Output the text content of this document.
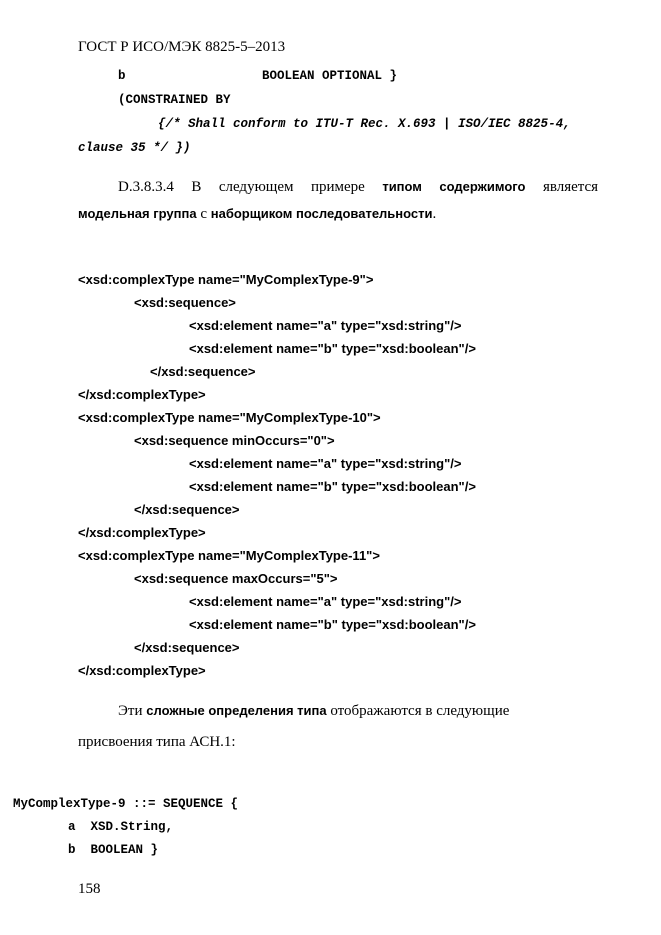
ГОСТ Р ИСО/МЭК 8825-5–2013
b	BOOLEAN OPTIONAL }
(CONSTRAINED BY
{/* Shall conform to ITU-T Rec. X.693 | ISO/IEC 8825-4,
clause 35 */ })
D.3.8.3.4 В следующем примере типом содержимого является
модельная группа с наборщиком последовательности.
<xsd:complexType name="MyComplexType-9">
<xsd:sequence>
<xsd:element name="a" type="xsd:string"/>
<xsd:element name="b" type="xsd:boolean"/>
</xsd:sequence>
</xsd:complexType>
<xsd:complexType name="MyComplexType-10">
<xsd:sequence minOccurs="0">
<xsd:element name="a" type="xsd:string"/>
<xsd:element name="b" type="xsd:boolean"/>
</xsd:sequence>
</xsd:complexType>
<xsd:complexType name="MyComplexType-11">
<xsd:sequence maxOccurs="5">
<xsd:element name="a" type="xsd:string"/>
<xsd:element name="b" type="xsd:boolean"/>
</xsd:sequence>
</xsd:complexType>
Эти сложные определения типа отображаются в следующие
присвоения типа АСН.1:
MyComplexType-9 ::= SEQUENCE {
a  XSD.String,
b  BOOLEAN }
158
